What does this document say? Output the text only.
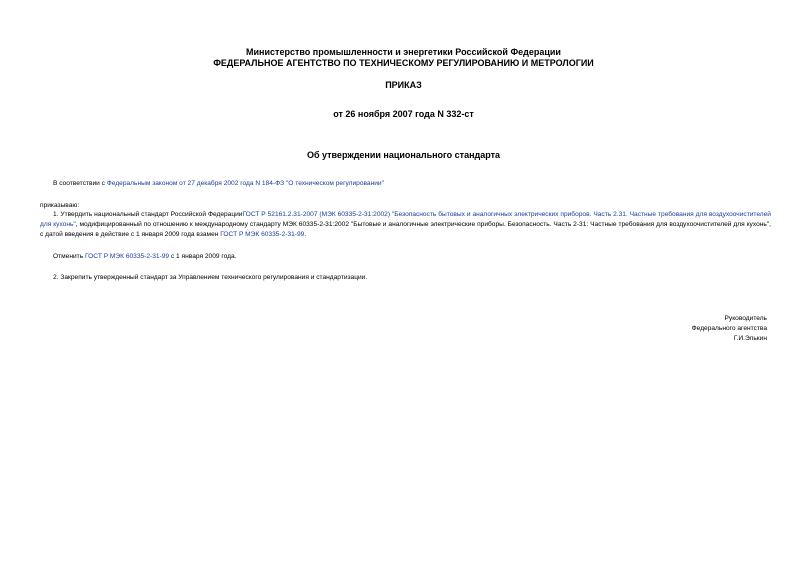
Министерство промышленности и энергетики Российской Федерации
ФЕДЕРАЛЬНОЕ АГЕНТСТВО ПО ТЕХНИЧЕСКОМУ РЕГУЛИРОВАНИЮ И МЕТРОЛОГИИ
ПРИКАЗ
от 26 ноября 2007 года N 332-ст
Об утверждении национального стандарта
В соответствии с Федеральным законом от 27 декабря 2002 года N 184-ФЗ "О техническом регулировании"
приказываю:
1. Утвердить национальный стандарт Российской ФедерацииГОСТ Р 52161.2.31-2007 (МЭК 60335-2-31:2002) "Безопасность бытовых и аналогичных электрических приборов. Часть 2.31. Частные требования для воздухоочистителей для кухонь", модифицированный по отношению к международному стандарту МЭК 60335-2-31:2002 "Бытовые и аналогичные электрические приборы. Безопасность. Часть 2-31: Частные требования для воздухоочистителей для кухонь", с датой введения в действие с 1 января 2009 года взамен ГОСТ Р МЭК 60335-2-31-99.
Отменить ГОСТ Р МЭК 60335-2-31-99 с 1 января 2009 года.
2. Закрепить утвержденный стандарт за Управлением технического регулирования и стандартизации.
Руководитель
Федерального агентства
Г.И.Элькин
